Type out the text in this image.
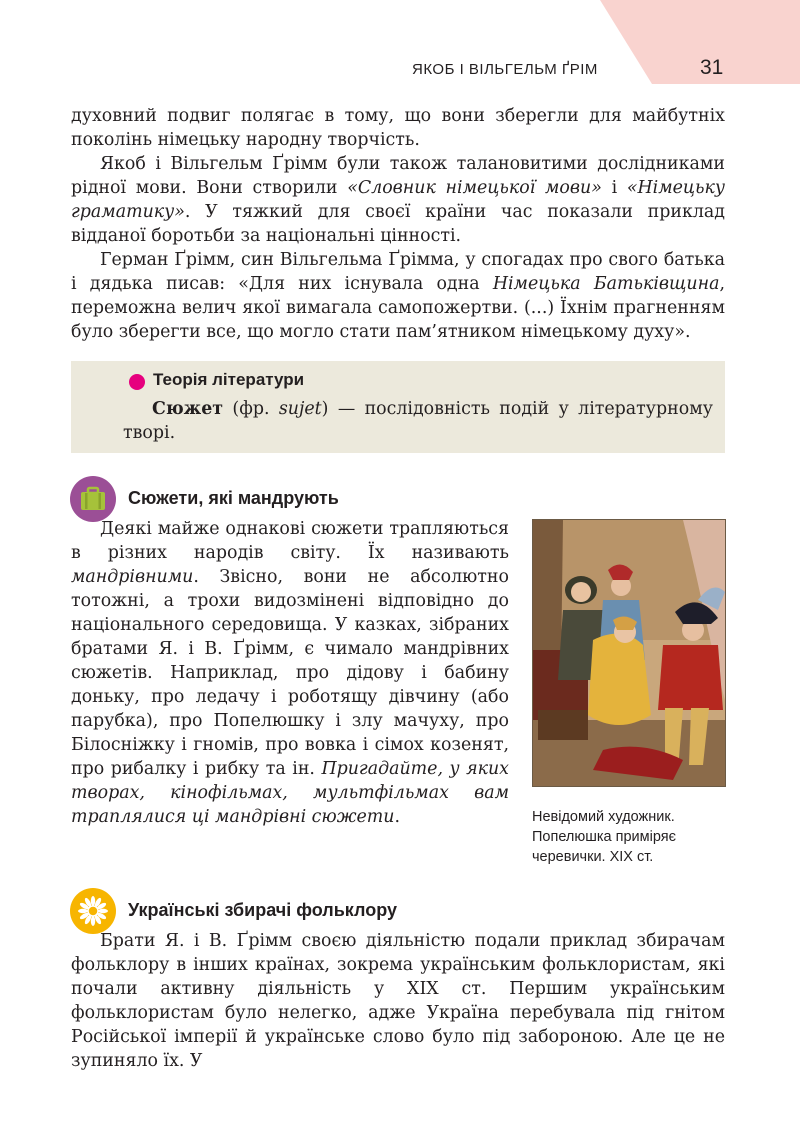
ЯКОБ І ВІЛЬГЕЛЬМ ҐРІМ	31

духовний подвиг полягає в тому, що вони зберегли для майбутніх поколінь німецьку народну творчість.

Якоб і Вільгельм Ґрімм були також талановитими дослідниками рідної мови. Вони створили «Словник німецької мови» і «Німецьку граматику». У тяжкий для своєї країни час показали приклад відданої боротьби за національні цінності.

Герман Ґрімм, син Вільгельма Ґрімма, у спогадах про свого батька і дядька писав: «Для них існувала одна Німецька Батьківщина, переможна велич якої вимагала самопожертви. (...) Їхнім прагненням було зберегти все, що могло стати пам’ятником німецькому духу».

Теорія літератури
Сюжет (фр. sujet) — послідовність подій у літературному творі.
Сюжети, які мандрують

Деякі майже однакові сюжети трапляються в різних народів світу. Їх називають мандрівними. Звісно, вони не абсолютно тотожні, а трохи видозмінені відповідно до національного середовища. У казках, зібраних братами Я. і В. Ґрімм, є чимало мандрівних сюжетів. Наприклад, про дідову і бабину доньку, про ледачу і роботящу дівчину (або парубка), про Попелюшку і злу мачуху, про Білосніжку і гномів, про вовка і сімох козенят, про рибалку і рибку та ін. Пригадайте, у яких творах, кінофільмах, мультфільмах вам траплялися ці мандрівні сюжети.	Невідомий художник. Попелюшка приміряє черевички. XIX ст.
Українські збирачі фольклору

Брати Я. і В. Ґрімм своєю діяльністю подали приклад збирачам фольклору в інших країнах, зокрема українським фольклористам, які почали активну діяльність у XIX ст. Першим українським фольклористам було нелегко, адже Україна перебувала під гнітом Російської імперії й українське слово було під забороною. Але це не зупиняло їх. У
